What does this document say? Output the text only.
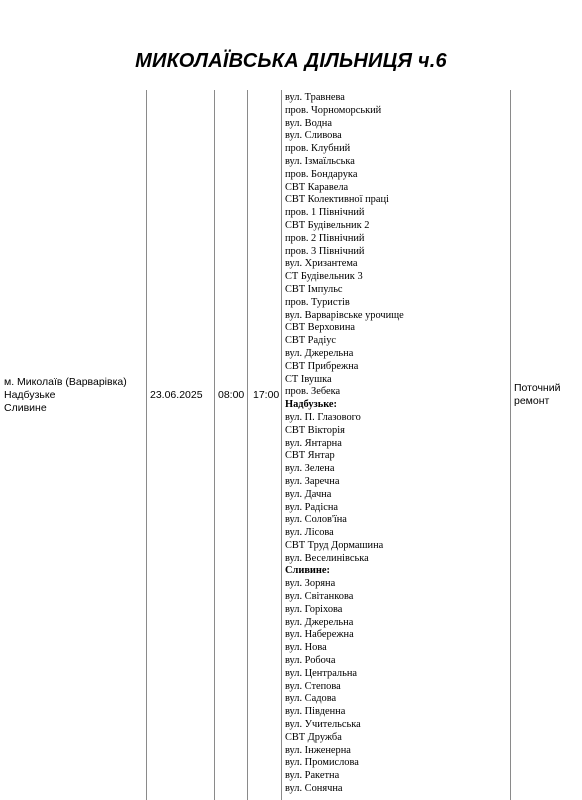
МИКОЛАЇВСЬКА ДІЛЬНИЦЯ ч.6
м. Миколаїв (Варварівка)
Надбузьке
Сливине
23.06.2025 08:00 17:00
Поточний
ремонт
вул. Травнева
пров. Чорноморський
вул. Водна
вул. Сливова
пров. Клубний
вул. Ізмаїльська
пров. Бондарука
СВТ Каравела
СВТ Колективної праці
пров. 1 Північний
СВТ Будівельник 2
пров. 2 Північний
пров. 3 Північний
вул. Хризантема
СТ Будівельник 3
СВТ Імпульс
пров. Туристів
вул. Варварівське урочище
СВТ Верховина
СВТ Радіус
вул. Джерельна
СВТ Прибрежна
СТ Івушка
пров. Зебека
Надбузьке:
вул. П. Глазового
СВТ Вікторія
вул. Янтарна
СВТ Янтар
вул. Зелена
вул. Заречна
вул. Дачна
вул. Радісна
вул. Солов'їна
вул. Лісова
СВТ Труд Дормашина
вул. Веселинівська
Сливине:
вул. Зоряна
вул. Світанкова
вул. Горіхова
вул. Джерельна
вул. Набережна
вул. Нова
вул. Робоча
вул. Центральна
вул. Степова
вул. Садова
вул. Південна
вул. Учительська
СВТ Дружба
вул. Інженерна
вул. Промислова
вул. Ракетна
вул. Сонячна
